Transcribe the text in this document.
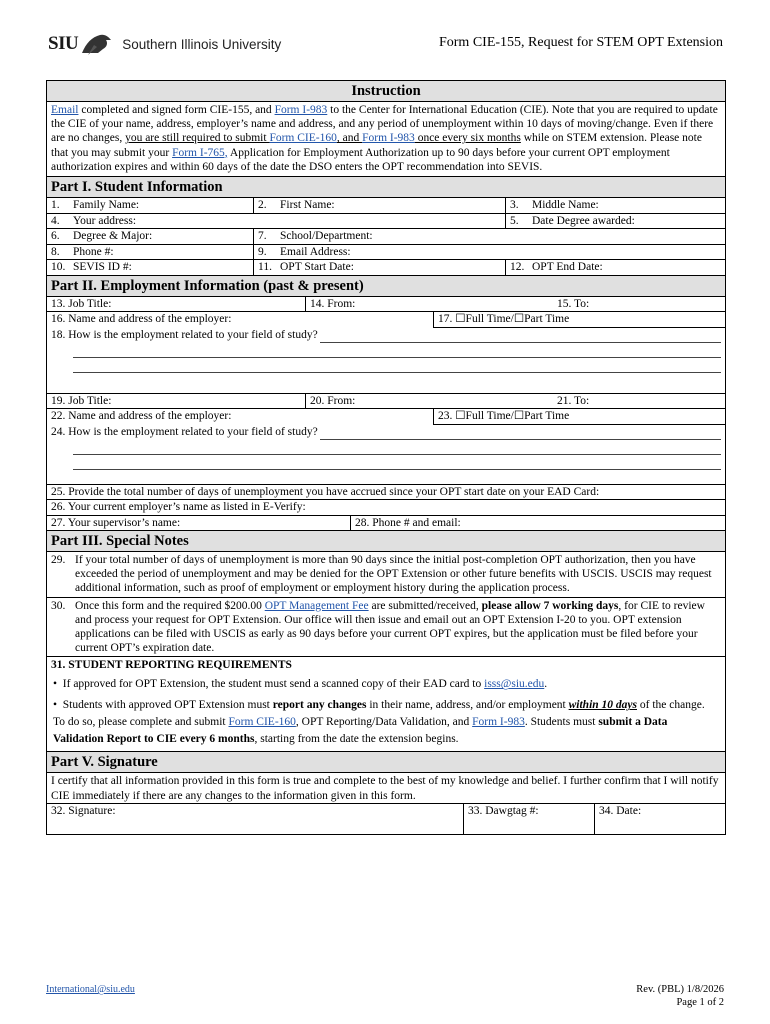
SIU	Southern Illinois University	Form CIE-155, Request for STEM OPT Extension
Instruction
Email completed and signed form CIE-155, and Form I-983 to the Center for International Education (CIE). Note that you are required to update the CIE of your name, address, employer’s name and address, and any period of unemployment within 10 days of moving/change. Even if there are no changes, you are still required to submit Form CIE-160, and Form I-983 once every six months while on STEM extension. Please note that you may submit your Form I-765, Application for Employment Authorization up to 90 days before your current OPT employment authorization expires and within 60 days of the date the DSO enters the OPT recommendation into SEVIS.
Part I. Student Information
1. Family Name:	2. First Name:	3. Middle Name:
4. Your address:	5. Date Degree awarded:
6. Degree & Major:	7. School/Department:
8. Phone #:	9. Email Address:
10. SEVIS ID #:	11. OPT Start Date:	12. OPT End Date:
Part II. Employment Information (past & present)
13. Job Title:	14. From:	15. To:
16. Name and address of the employer:	17. ☐Full Time/☐Part Time
18. How is the employment related to your field of study?
19. Job Title:	20. From:	21. To:
22. Name and address of the employer:	23. ☐Full Time/☐Part Time
24. How is the employment related to your field of study?
25. Provide the total number of days of unemployment you have accrued since your OPT start date on your EAD Card:
26. Your current employer’s name as listed in E-Verify:
27. Your supervisor’s name:	28. Phone # and email:
Part III. Special Notes
29. If your total number of days of unemployment is more than 90 days since the initial post-completion OPT authorization, then you have exceeded the period of unemployment and may be denied for the OPT Extension or other future benefits with USCIS. USCIS may request additional information, such as proof of employment or employment history during the application process.
30. Once this form and the required $200.00 OPT Management Fee are submitted/received, please allow 7 working days, for CIE to review and process your request for OPT Extension. Our office will then issue and email out an OPT Extension I-20 to you. OPT extension applications can be filed with USCIS as early as 90 days before your current OPT expires, but the application must be filed before your current OPT’s expiration date.
31. STUDENT REPORTING REQUIREMENTS
•  If approved for OPT Extension, the student must send a scanned copy of their EAD card to isss@siu.edu.
•  Students with approved OPT Extension must report any changes in their name, address, and/or employment within 10 days of the change. To do so, please complete and submit Form CIE-160, OPT Reporting/Data Validation, and Form I-983. Students must submit a Data Validation Report to CIE every 6 months, starting from the date the extension begins.
Part V. Signature
I certify that all information provided in this form is true and complete to the best of my knowledge and belief. I further confirm that I will notify CIE immediately if there are any changes to the information given in this form.
32. Signature:	33. Dawgtag #:	34. Date:
International@siu.edu	Rev. (PBL) 1/8/2026
Page 1 of 2
